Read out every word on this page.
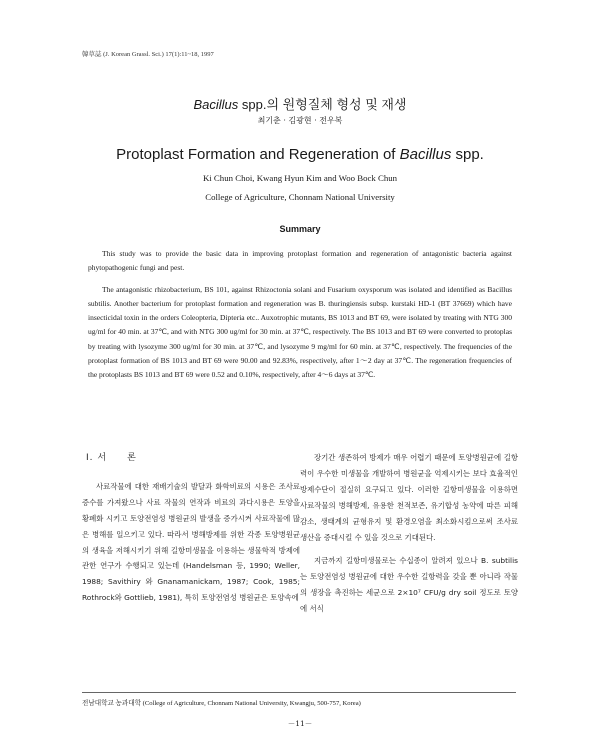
韓草誌 (J. Korean Grassl. Sci.) 17(1):11~18, 1997
Bacillus spp.의 원형질체 형성 및 재생
최기춘 · 김광현 · 전우복
Protoplast Formation and Regeneration of Bacillus spp.
Ki Chun Choi, Kwang Hyun Kim and Woo Bock Chun
College of Agriculture, Chonnam National University
Summary

This study was to provide the basic data in improving protoplast formation and regeneration of antagonistic bacteria against phytopathogenic fungi and pest.

The antagonistic rhizobacterium, BS 101, against Rhizoctonia solani and Fusarium oxysporum was isolated and identified as Bacillus subtilis. Another bacterium for protoplast formation and regeneration was B. thuringiensis subsp. kurstaki HD-1 (BT 37669) which have insecticidal toxin in the orders Coleopteria, Dipteria etc.. Auxotrophic mutants, BS 1013 and BT 69, were isolated by treating with NTG 300 ug/ml for 40 min. at 37℃, and with NTG 300 ug/ml for 30 min. at 37℃, respectively. The BS 1013 and BT 69 were converted to protoplas by treating with lysozyme 300 ug/ml for 30 min. at 37℃, and lysozyme 9 mg/ml for 60 min. at 37℃, respectively. The frequencies of the protoplast formation of BS 1013 and BT 69 were 90.00 and 92.83%, respectively, after 1～2 day at 37℃. The regeneration frequencies of the protoplasts BS 1013 and BT 69 were 0.52 and 0.10%, respectively, after 4～6 days at 37℃.

Ⅰ. 서　　론

사료작물에 대한 재배기술의 발달과 화학비료의 시용은 조사료 증수를 가져왔으나 사료 작물의 연작과 비료의 과다시용은 토양을 황폐화 시키고 토양전염성 병원균의 발생을 증가시켜 사료작물에 많은 병해를 일으키고 있다. 따라서 병해방제를 위한 각종 토양병원균의 생육을 저해시키기 위해 길항미생물을 이용하는 생물학적 방제에 관한 연구가 수행되고 있는데 (Handelsman 등, 1990; Weller, 1988; Savithiry 와 Gnanamanickam, 1987; Cook, 1985; Rothrock와 Gottlieb, 1981), 특히 토양전염성 병원균은 토양속에

장기간 생존하여 방제가 매우 어렵기 때문에 토양병원균에 길항력이 우수한 미생물을 개발하여 병원균을 억제시키는 보다 효율적인 방제수단이 절실히 요구되고 있다. 이러한 길항미생물을 이용하면 사료작물의 병해방제, 유용한 천적보존, 유기합성 농약에 따른 피해감소, 생태계의 균형유지 및 환경오염을 최소화시킴으로써 조사료 생산을 증대시킬 수 있을 것으로 기대된다.

지금까지 길항미생물로는 수십종이 알려져 있으나 B. subtilis는 토양전염성 병원균에 대한 우수한 길항력을 갖을 뿐 아니라 작물의 생장을 촉진하는 세균으로 2×10⁷ CFU/g dry soil 정도로 토양에 서식

전남대학교 농과대학 (College of Agriculture, Chonnam National University, Kwangju, 500-757, Korea)
－11－
